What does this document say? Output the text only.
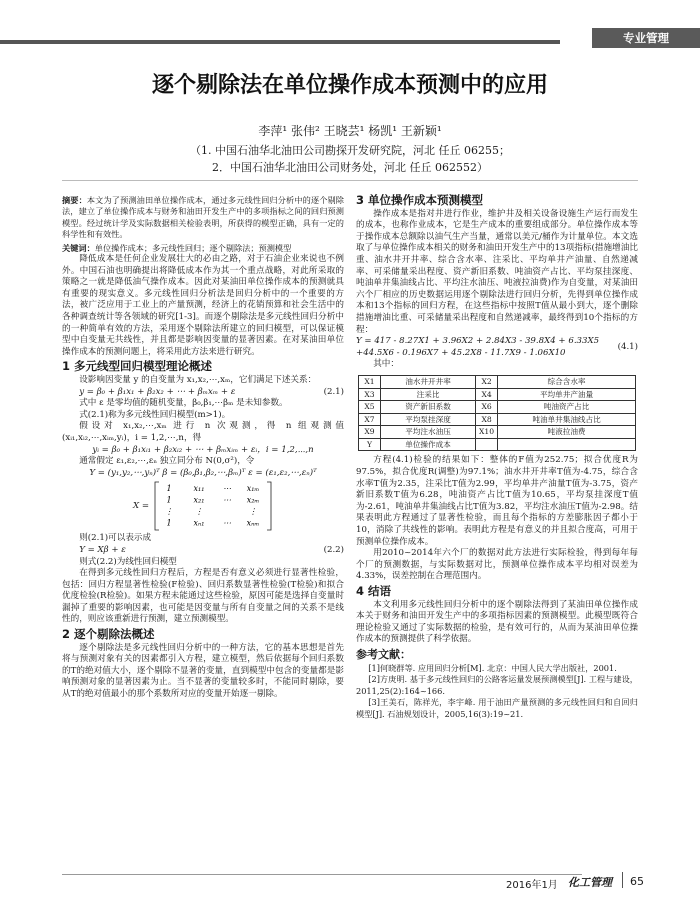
专业管理
逐个剔除法在单位操作成本预测中的应用
李萍¹ 张伟² 王晓芸¹ 杨凯¹ 王新颖¹
（1. 中国石油华北油田公司勘探开发研究院，河北 任丘 06255；
2．中国石油华北油田公司财务处，河北 任丘 062552）

摘要：本文为了预测油田单位操作成本，通过多元线性回归分析中的逐个剔除法，建立了单位操作成本与财务和油田开发生产中的多项指标之间的回归预测模型。经过统计学及实际数据相关检验表明，所获得的模型正确，具有一定的科学性和有效性。

关键词：单位操作成本；多元线性回归；逐个剔除法；预测模型

降低成本是任何企业发展壮大的必由之路，对于石油企业来说也不例外。中国石油也明确提出将降低成本作为其一个重点战略，对此所采取的策略之一就是降低油气操作成本。因此对某油田单位操作成本的预测就具有重要的现实意义。多元线性回归分析法是回归分析中的一个重要的方法，被广泛应用于工业上的产量预测，经济上的花销预算和社会生活中的各种调查统计等各领域的研究[1-3]。而逐个剔除法是多元线性回归分析中的一种简单有效的方法，采用逐个剔除法所建立的回归模型，可以保证模型中自变量无共线性，并且都是影响因变量的显著因素。在对某油田单位操作成本的预测问题上，将采用此方法来进行研究。

1 多元线型回归模型理论概述

设影响因变量 y 的自变量为 x₁,x₂,⋯,xₘ，它们满足下述关系：

y = β₀ + β₁x₁ + β₂x₂ + ⋯ + βₘxₘ + ε	(2.1)

式中 ε 是零均值的随机变量，β₀,β₁,⋯βₘ 是未知参数。

式(2.1)称为多元线性回归模型(m>1)。

假设对 x₁,x₂,⋯,xₘ 进行 n 次观测，得 n 组观测值 (xᵢ₁,xᵢ₂,⋯,xᵢₘ,yᵢ)，i = 1,2,⋯,n，得

yᵢ = β₀ + β₁xᵢ₁ + β₂xᵢ₂ + ⋯ + βₘxᵢₘ + εᵢ，i = 1,2,⋯,n

通常假定 ε₁,ε₂,⋯,εₙ 独立同分布 N(0,σ²)，令

Y = (y₁,y₂,⋯,yₙ)ᵀ β = (β₀,β₁,β₂,⋯,βₘ)ᵀ ε = (ε₁,ε₂,⋯,εₙ)ᵀ
X =
1	x₁₁ ⋯ x₁ₘ
1	x₂₁ ⋯ x₂ₘ
⋮	⋮	⋮
1	xₙ₁ ⋯ xₙₘ

则(2.1)可以表示成

Y = Xβ + ε	(2.2)

则式(2.2)为线性回归模型

在得到多元线性回归方程后，方程是否有意义必须进行显著性检验，包括：回归方程显著性检验(F检验)、回归系数显著性检验(T检验)和拟合优度检验(R检验)。如果方程未能通过这些检验，原因可能是选择自变量时漏掉了重要的影响因素，也可能是因变量与所有自变量之间的关系不是线性的，则应该重新进行预测，建立预测模型。

2 逐个剔除法概述

逐个剔除法是多元线性回归分析中的一种方法，它的基本思想是首先将与预测对象有关的因素都引入方程，建立模型，然后依据每个回归系数的T的绝对值大小，逐个剔除不显著的变量，直到模型中包含的变量都是影响预测对象的显著因素为止。当不显著的变量较多时，不能同时剔除，要从T的绝对值最小的那个系数所对应的变量开始逐一剔除。

3 单位操作成本预测模型

操作成本是指对井进行作业，维护井及相关设备设施生产运行而发生的成本，也称作业成本，它是生产成本的重要组成部分。单位操作成本等于操作成本总额除以油气生产当量，通常以美元/桶作为计量单位。本文选取了与单位操作成本相关的财务和油田开发生产中的13项指标(措施增油比重、油水井开井率、综合含水率、注采比、平均单井产油量、自然递减率、可采储量采出程度、资产新旧系数、吨油资产占比、平均泵挂深度、吨油单井集油线占比、平均注水油压、吨液拉油费)作为自变量，对某油田六个厂相应的历史数据运用逐个剔除法进行回归分析，先得到单位操作成本和13个指标的回归方程，在这些指标中按照T值从最小到大，逐个删除措施增油比重、可采储量采出程度和自然递减率，最终得到10个指标的方程：

Y = 417 - 8.27X1 + 3.96X2 + 2.84X3 - 39.8X4 + 6.33X5
+44.5X6 - 0.196X7 + 45.2X8 - 11.7X9 - 1.06X10
(4.1)

其中：

X1	油水井开井率	X2	综合含水率
X3	注采比	X4	平均单井产油量
X5	资产新旧系数	X6	吨油资产占比
X7	平均泵挂深度	X8	吨油单井集油线占比
X9	平均注水油压	X10	吨液拉油费
Y	单位操作成本		

方程(4.1)检验的结果如下：整体的F值为252.75；拟合优度R为97.5%，拟合优度R(调整)为97.1%；油水井开井率T值为-4.75，综合含水率T值为2.35，注采比T值为2.99，平均单井产油量T值为-3.75，资产新旧系数T值为6.28，吨油资产占比T值为10.65，平均泵挂深度T值为-2.61，吨油单井集油线占比T值为3.82，平均注水油压T值为-2.98。结果表明此方程通过了显著性检验，而且每个指标的方差膨胀因子都小于10，消除了共线性的影响。表明此方程是有意义的并且拟合度高，可用于预测单位操作成本。

用2010~2014年六个厂的数据对此方法进行实际检验，得到每年每个厂的预测数据，与实际数据对比，预测单位操作成本平均相对误差为4.33%，误差控制在合理范围内。

4 结语

本文利用多元线性回归分析中的逐个剔除法得到了某油田单位操作成本关于财务和油田开发生产中的多项指标因素的预测模型。此模型既符合理论检验又通过了实际数据的检验，是有效可行的，从而为某油田单位操作成本的预测提供了科学依据。

参考文献：

[1]何晓群等. 应用回归分析[M]. 北京：中国人民大学出版社，2001.

[2]方庚明. 基于多元线性回归的公路客运量发展预测模型[J]. 工程与建设，2011,25(2):164~166.

[3]王美石，陈祥光，李宇峰. 用于油田产量预测的多元线性回归和自回归模型[J]. 石油规划设计，2005,16(3):19~21.

2016年1月 化工管理 65
